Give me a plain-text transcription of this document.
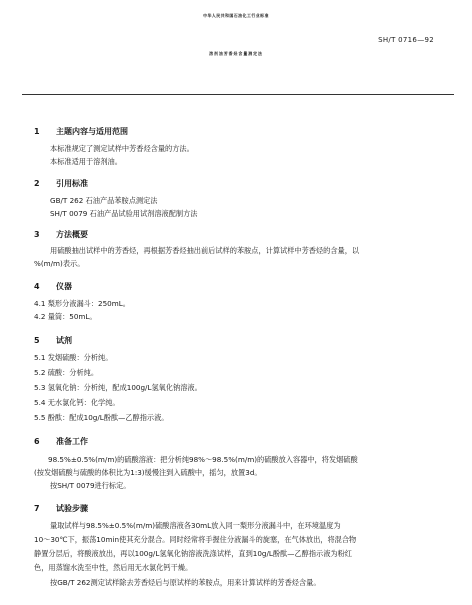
中华人民共和国石油化工行业标准
SH/T 0716—92
溶剂油芳香烃含量测定法
1 主题内容与适用范围
本标准规定了测定试样中芳香烃含量的方法。
本标准适用于溶剂油。
2 引用标准
GB/T 262 石油产品苯胺点测定法
SH/T 0079 石油产品试验用试剂溶液配制方法
3 方法概要
用硫酸抽出试样中的芳香烃，再根据芳香烃抽出前后试样的苯胺点，计算试样中芳香烃的含量，以
%(m/m)表示。
4 仪器
4.1 梨形分液漏斗：250mL。
4.2 量筒：50mL。
5 试剂
5.1 发烟硫酸：分析纯。
5.2 硫酸：分析纯。
5.3 氢氧化钠：分析纯，配成100g/L氢氧化钠溶液。
5.4 无水氯化钙：化学纯。
5.5 酚酞：配成10g/L酚酞—乙醇指示液。
6 准备工作
98.5%±0.5%(m/m)的硫酸溶液：把分析纯98%～98.5%(m/m)的硫酸放入容器中，将发烟硫酸
(按发烟硫酸与硫酸的体积比为1:3)缓慢注到入硫酸中，摇匀，放置3d。
按SH/T 0079进行标定。
7 试验步骤
量取试样与98.5%±0.5%(m/m)硫酸溶液各30mL放入同一梨形分液漏斗中，在环境温度为
10～30℃下，振荡10min使其充分混合。同时经常将手握住分液漏斗的旋塞，在气体放出，将混合物
静置分层后，将酸液放出，再以100g/L氢氧化钠溶液洗涤试样，直到10g/L酚酞—乙醇指示液为粉红
色，用蒸馏水洗至中性，然后用无水氯化钙干燥。
按GB/T 262测定试样除去芳香烃后与原试样的苯胺点，用来计算试样的芳香烃含量。
